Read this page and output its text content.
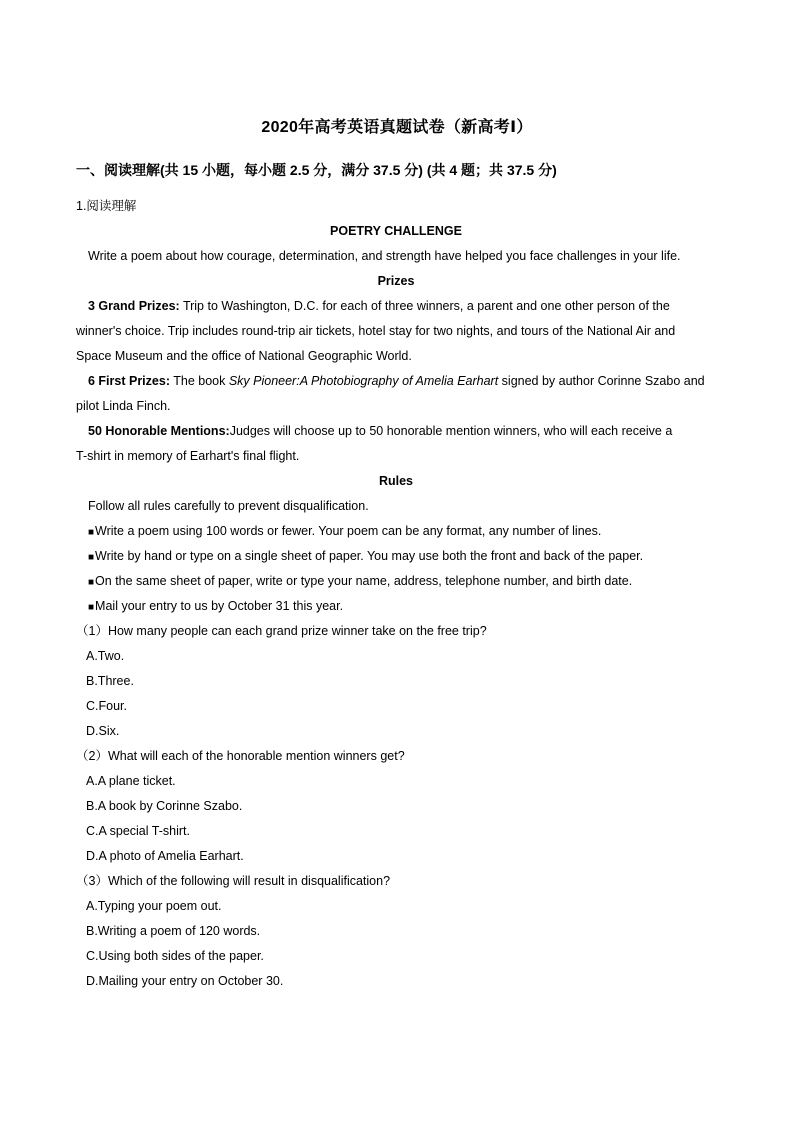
2020年高考英语真题试卷（新高考Ⅰ）
一、阅读理解(共 15 小题，每小题 2.5 分，满分 37.5 分) (共 4 题；共 37.5 分)
1.阅读理解
POETRY CHALLENGE
Write a poem about how courage, determination, and strength have helped you face challenges in your life.
Prizes
3 Grand Prizes: Trip to Washington, D.C. for each of three winners, a parent and one other person of the
winner's choice. Trip includes round-trip air tickets, hotel stay for two nights, and tours of the National Air and
Space Museum and the office of National Geographic World.
6 First Prizes: The book Sky Pioneer:A Photobiography of Amelia Earhart signed by author Corinne Szabo and
pilot Linda Finch.
50 Honorable Mentions:Judges will choose up to 50 honorable mention winners, who will each receive a
T-shirt in memory of Earhart's final flight.
Rules
Follow all rules carefully to prevent disqualification.
■Write a poem using 100 words or fewer. Your poem can be any format, any number of lines.
■Write by hand or type on a single sheet of paper. You may use both the front and back of the paper.
■On the same sheet of paper, write or type your name, address, telephone number, and birth date.
■Mail your entry to us by October 31 this year.
（1）How many people can each grand prize winner take on the free trip?
A.Two.
B.Three.
C.Four.
D.Six.
（2）What will each of the honorable mention winners get?
A.A plane ticket.
B.A book by Corinne Szabo.
C.A special T-shirt.
D.A photo of Amelia Earhart.
（3）Which of the following will result in disqualification?
A.Typing your poem out.
B.Writing a poem of 120 words.
C.Using both sides of the paper.
D.Mailing your entry on October 30.
